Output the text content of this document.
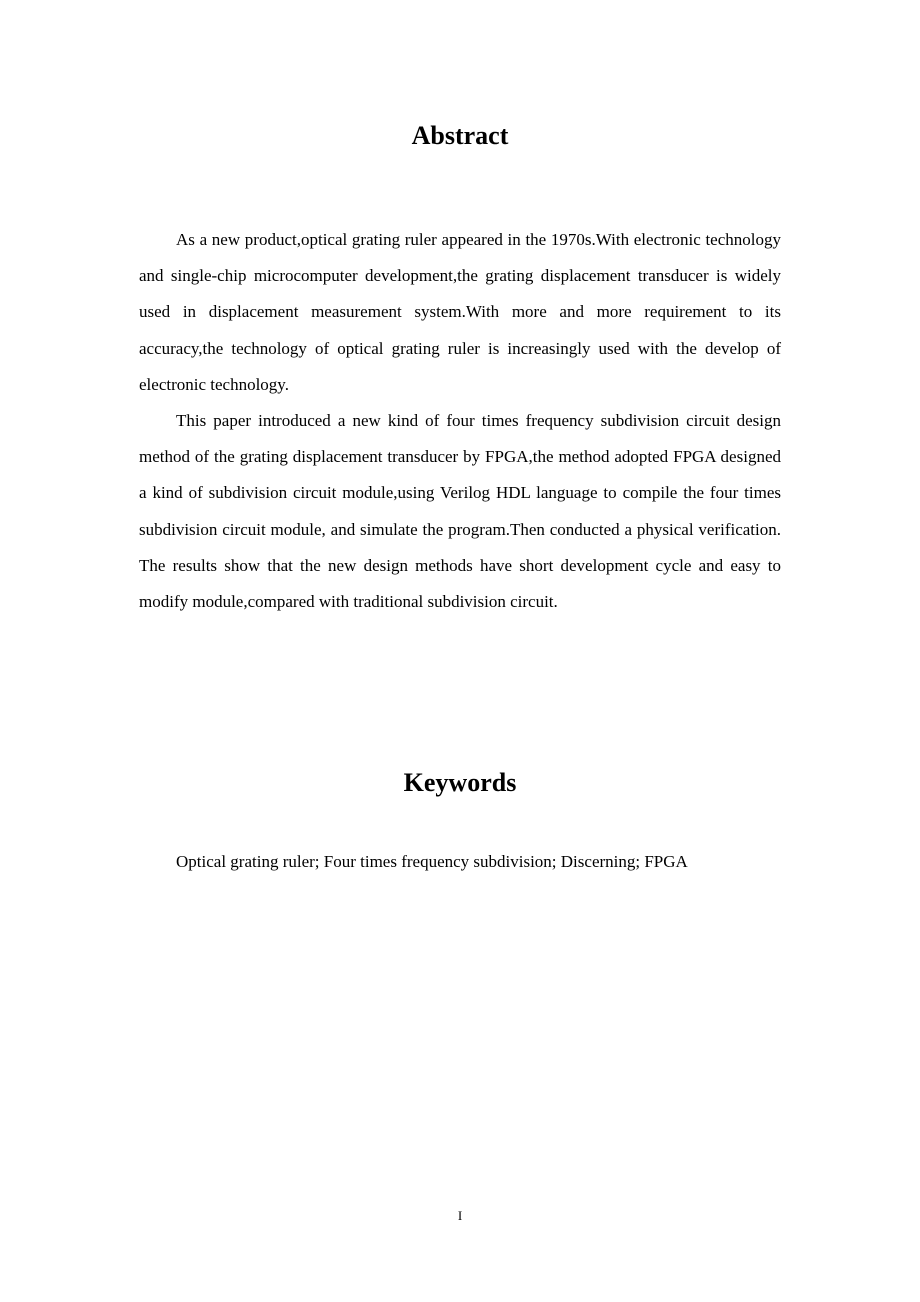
Abstract

As a new product,optical grating ruler appeared in the 1970s.With electronic technology and single-chip microcomputer development,the grating displacement transducer is widely used in displacement measurement system.With more and more requirement to its accuracy,the technology of optical grating ruler is increasingly used with the develop of electronic technology.

This paper introduced a new kind of four times frequency subdivision circuit design method of the grating displacement transducer by FPGA,the method adopted FPGA designed a kind of subdivision circuit module,using Verilog HDL language to compile the four times subdivision circuit module, and simulate the program.Then conducted a physical verification. The results show that the new design methods have short development cycle and easy to modify module,compared with traditional subdivision circuit.

Keywords

Optical grating ruler; Four times frequency subdivision; Discerning; FPGA

I
